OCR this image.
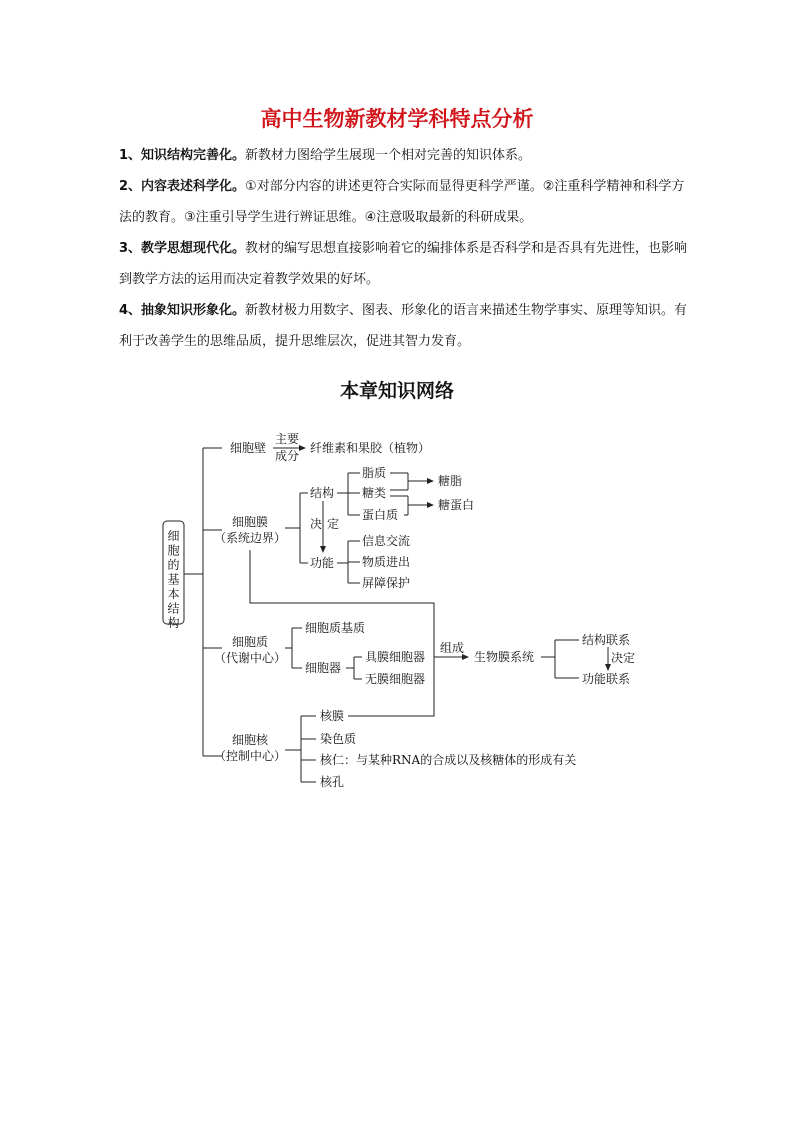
高中生物新教材学科特点分析
1、知识结构完善化。新教材力图给学生展现一个相对完善的知识体系。
2、内容表述科学化。①对部分内容的讲述更符合实际而显得更科学严谨。②注重科学精神和科学方法的教育。③注重引导学生进行辨证思维。④注意吸取最新的科研成果。
3、教学思想现代化。教材的编写思想直接影响着它的编排体系是否科学和是否具有先进性，也影响到教学方法的运用而决定着教学效果的好坏。
4、抽象知识形象化。新教材极力用数字、图表、形象化的语言来描述生物学事实、原理等知识。有利于改善学生的思维品质，提升思维层次，促进其智力发育。
本章知识网络
细胞的基本结构
细胞壁
主要
成分
纤维素和果胶（植物）
细胞膜
（系统边界）
结构
功能
决 定
脂质
糖类
蛋白质
糖脂
糖蛋白
信息交流
物质进出
屏障保护
细胞质
（代谢中心）
细胞质基质
细胞器
具膜细胞器
无膜细胞器
组成
生物膜系统
结构联系
功能联系
决定
细胞核
（控制中心）
核膜
染色质
核仁：与某种RNA的合成以及核糖体的形成有关
核孔
